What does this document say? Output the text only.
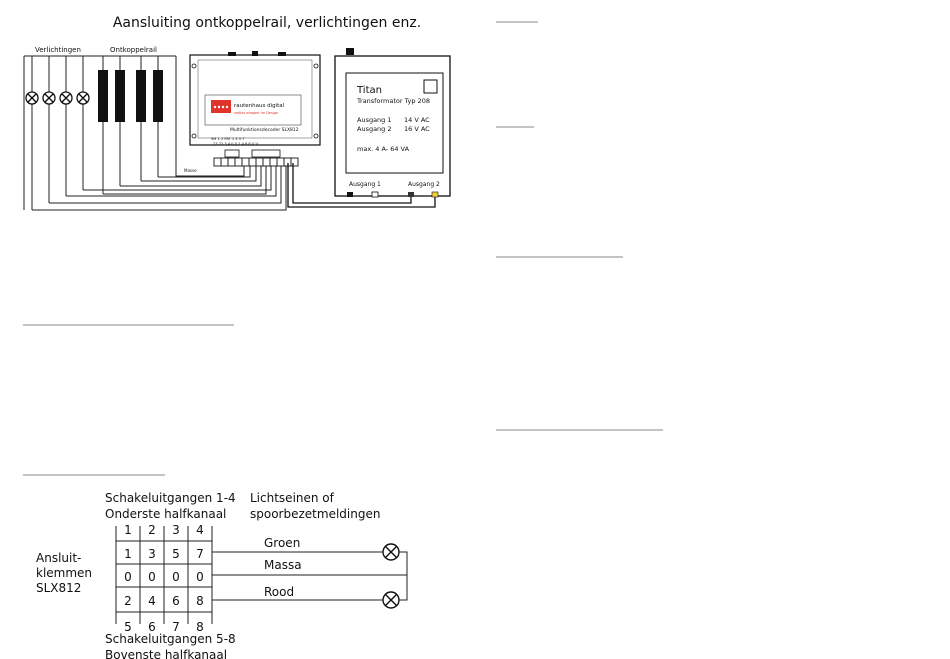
Aansluiting ontkoppelrail, verlichtingen enz.
Verlichtingen	Ontkoppelrail
rautenhaus digital
zeitlos elegant im Design
Multifunktionsdecoder SLX812
SM 1 2 PAT 1 3 5 7
23 22 3 4 0 0 2 4 6 8 V V
Masse
Titan
Transformator Typ 208
Ausgang 1 14 V AC
Ausgang 2 16 V AC
max. 4 A- 64 VA
Ausgang 1	Ausgang 2
Schakeluitgangen 1-4
Onderste halfkanaal
Lichtseinen of
spoorbezetmeldingen
Ansluit-
klemmen
SLX812
1 2 3 4
1 3 5 7
0 0 0 0
2 4 6 8
5 6 7 8
Groen
Massa
Rood
Schakeluitgangen 5-8
Bovenste halfkanaal
